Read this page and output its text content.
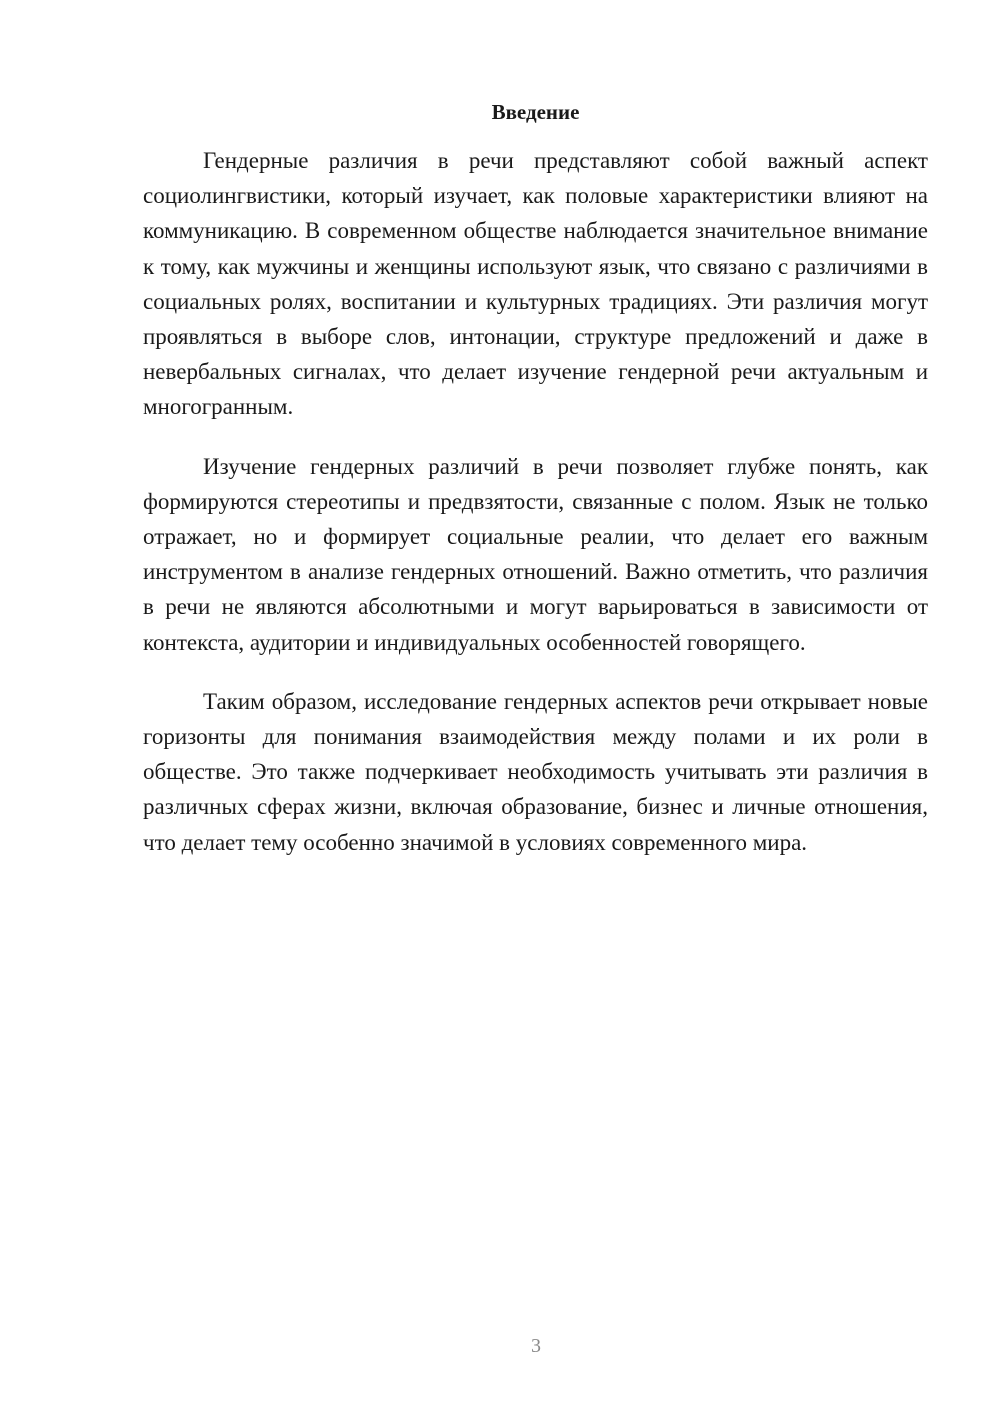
Введение

Гендерные различия в речи представляют собой важный аспект социолингвистики, который изучает, как половые характеристики влияют на коммуникацию. В современном обществе наблюдается значительное внимание к тому, как мужчины и женщины используют язык, что связано с различиями в социальных ролях, воспитании и культурных традициях. Эти различия могут проявляться в выборе слов, интонации, структуре предложений и даже в невербальных сигналах, что делает изучение гендерной речи актуальным и многогранным.

Изучение гендерных различий в речи позволяет глубже понять, как формируются стереотипы и предвзятости, связанные с полом. Язык не только отражает, но и формирует социальные реалии, что делает его важным инструментом в анализе гендерных отношений. Важно отметить, что различия в речи не являются абсолютными и могут варьироваться в зависимости от контекста, аудитории и индивидуальных особенностей говорящего.

Таким образом, исследование гендерных аспектов речи открывает новые горизонты для понимания взаимодействия между полами и их роли в обществе. Это также подчеркивает необходимость учитывать эти различия в различных сферах жизни, включая образование, бизнес и личные отношения, что делает тему особенно значимой в условиях современного мира.

3
